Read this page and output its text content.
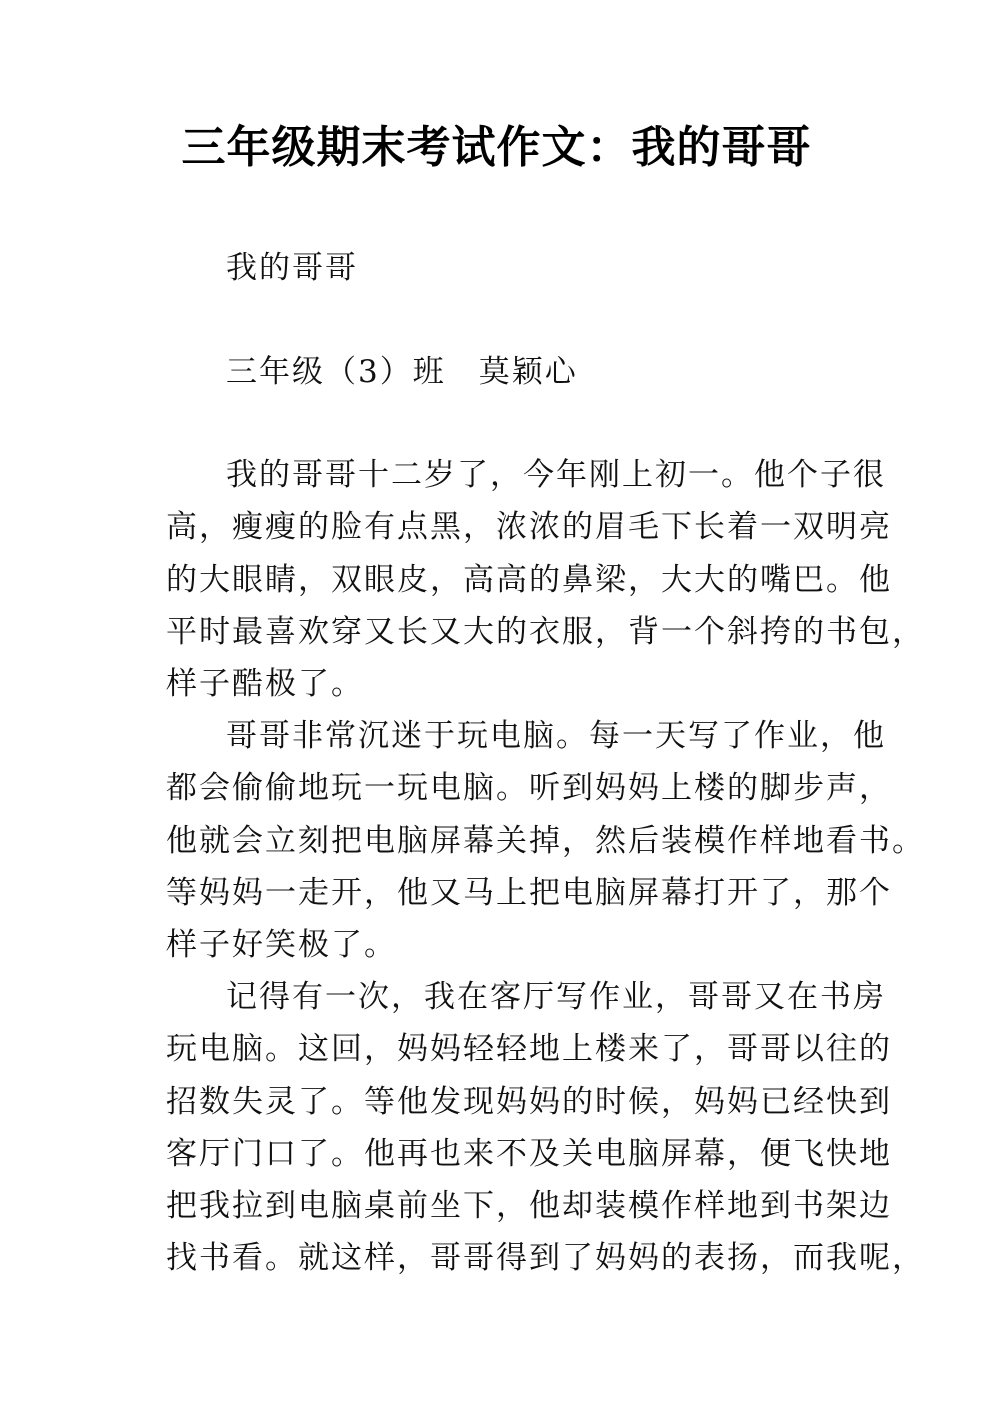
三年级期末考试作文：我的哥哥
我的哥哥
三年级（3）班　莫颖心
我的哥哥十二岁了，今年刚上初一。他个子很
高，瘦瘦的脸有点黑，浓浓的眉毛下长着一双明亮
的大眼睛，双眼皮，高高的鼻梁，大大的嘴巴。他
平时最喜欢穿又长又大的衣服，背一个斜挎的书包，
样子酷极了。
哥哥非常沉迷于玩电脑。每一天写了作业，他
都会偷偷地玩一玩电脑。听到妈妈上楼的脚步声，
他就会立刻把电脑屏幕关掉，然后装模作样地看书。
等妈妈一走开，他又马上把电脑屏幕打开了，那个
样子好笑极了。
记得有一次，我在客厅写作业，哥哥又在书房
玩电脑。这回，妈妈轻轻地上楼来了，哥哥以往的
招数失灵了。等他发现妈妈的时候，妈妈已经快到
客厅门口了。他再也来不及关电脑屏幕，便飞快地
把我拉到电脑桌前坐下，他却装模作样地到书架边
找书看。就这样，哥哥得到了妈妈的表扬，而我呢，
